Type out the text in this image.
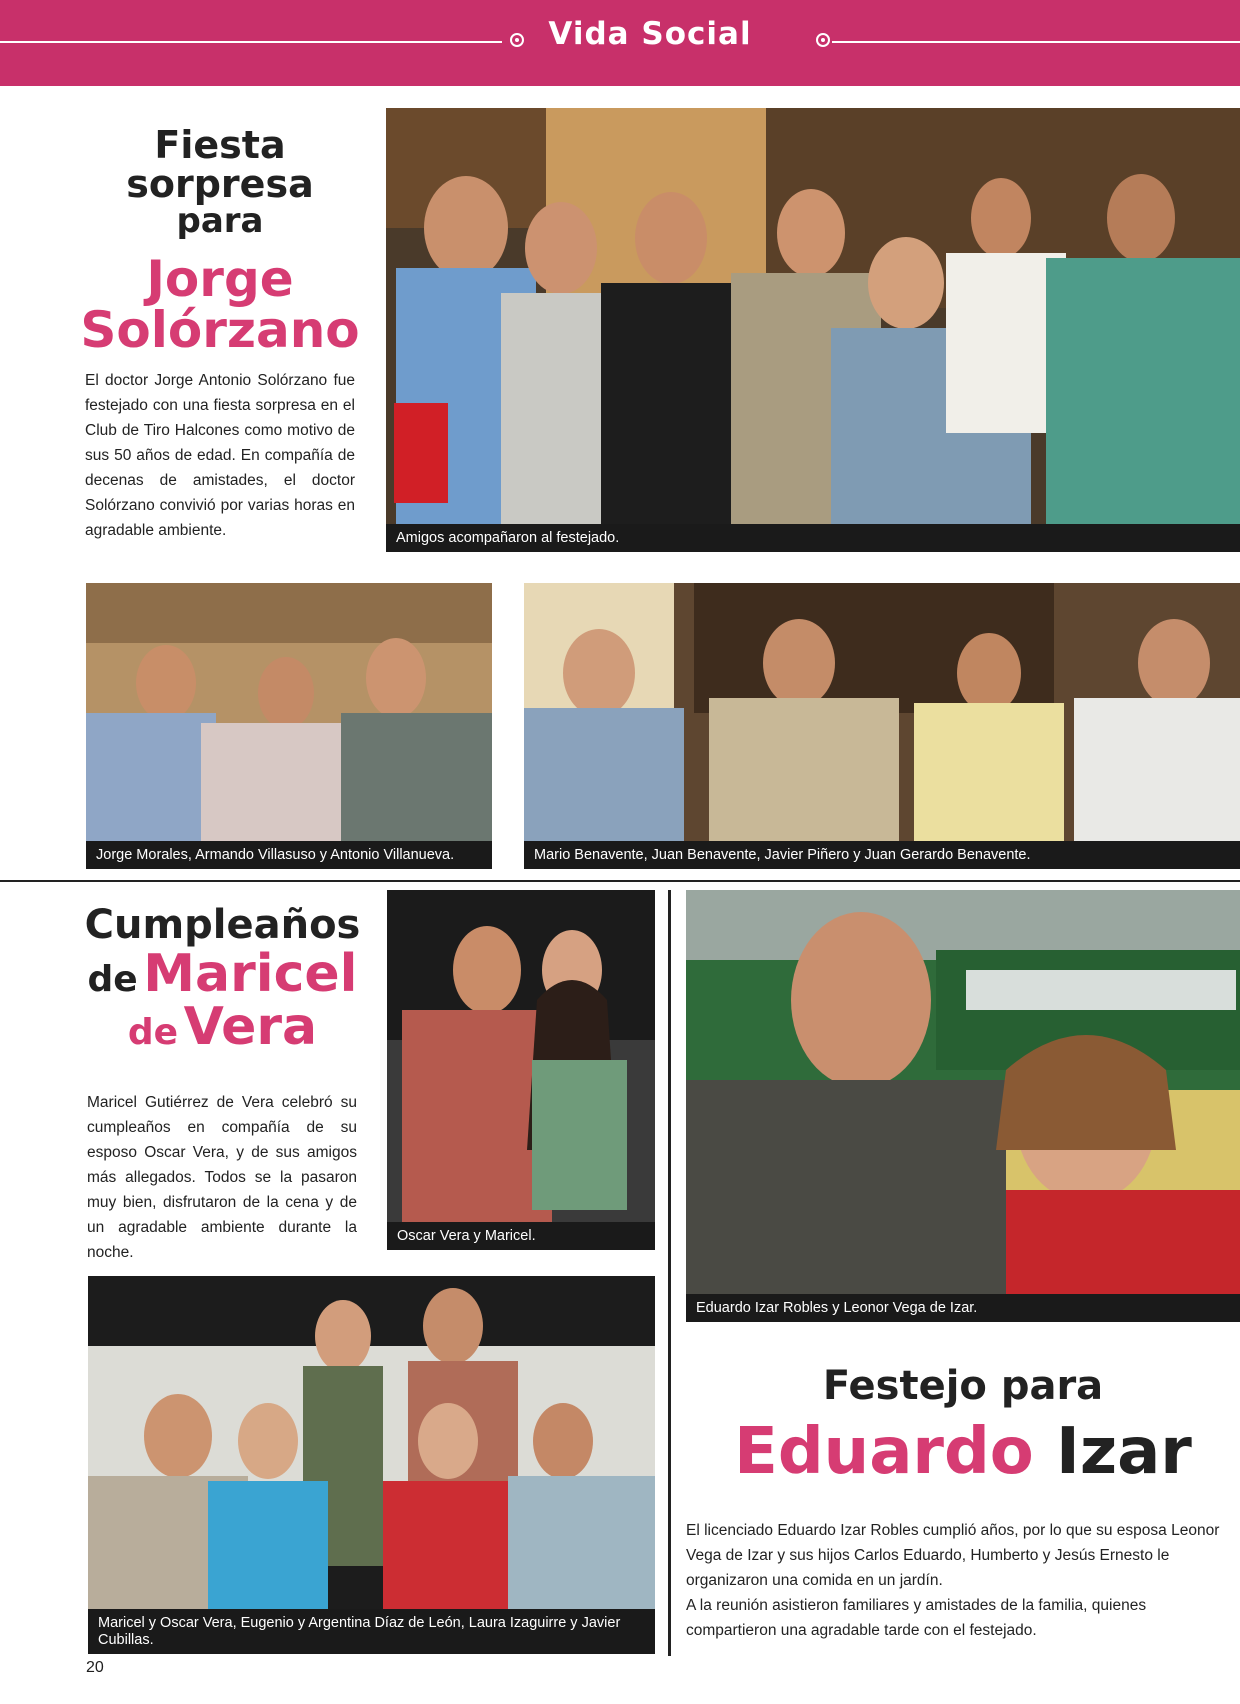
Vida Social
Fiesta
sorpresa
para
Jorge
Solórzano
El doctor Jorge Antonio Solórzano fue festejado con una fiesta sorpresa en el Club de Tiro Halcones como motivo de sus 50 años de edad. En compañía de decenas de amistades, el doctor Solórzano convivió por varias horas en agradable ambiente.	Amigos acompañaron al festejado.
Jorge Morales, Armando Villasuso y Antonio Villanueva.	Mario Benavente, Juan Benavente, Javier Piñero y Juan Gerardo Benavente.
Cumpleaños
de Maricel
de Vera
Maricel Gutiérrez de Vera celebró su cumpleaños en compañía de su esposo Oscar Vera, y de sus amigos más allegados. Todos se la pasaron muy bien, disfrutaron de la cena y de un agradable ambiente durante la noche.
Oscar Vera y Maricel.
Maricel y Oscar Vera, Eugenio y Argentina Díaz de León, Laura Izaguirre y Javier Cubillas.
Eduardo Izar Robles y Leonor Vega de Izar.
Festejo para
Eduardo Izar
El licenciado Eduardo Izar Robles cumplió años, por lo que su esposa Leonor Vega de Izar y sus hijos Carlos Eduardo, Humberto y Jesús Ernesto le organizaron una comida en un jardín.
A la reunión asistieron familiares y amistades de la familia, quienes compartieron una agradable tarde con el festejado.
20
